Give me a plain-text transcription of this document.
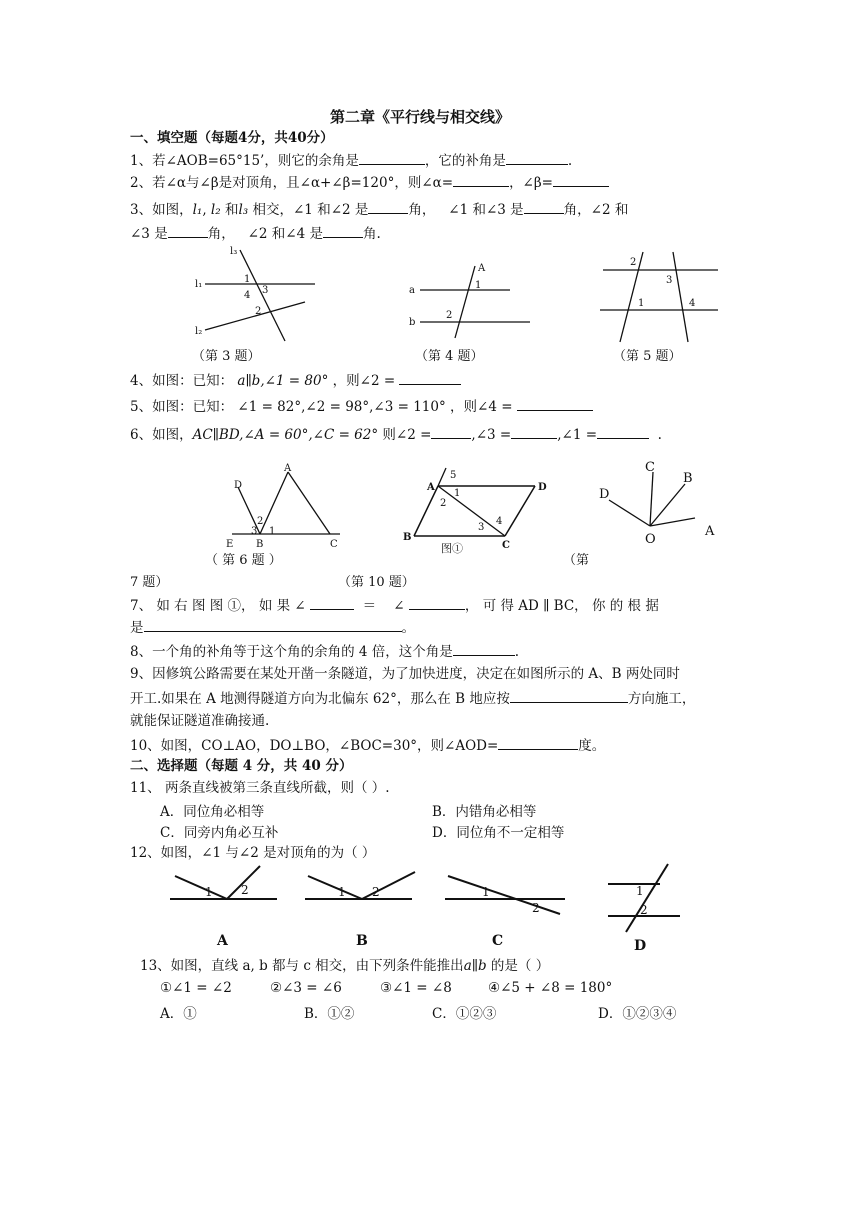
第二章《平行线与相交线》
一、填空题（每题4分，共40分）
1、若∠AOB=65°15’，则它的余角是	，它的补角是	.
2、若∠α与∠β是对顶角，且∠α+∠β=120°，则∠α=	，∠β=
3、如图，l₁, l₂ 和l₃ 相交，∠1 和∠2 是	角， ∠1 和∠3 是	角，∠2 和
∠3 是	角， ∠2 和∠4 是	角.
l₃
l₁
l₂
1
4 3
2
（第 3 题）
a
b
A
1
2
（第 4 题）
2
3
1	4
（第 5 题）
4、如图：已知： a∥b,∠1 = 80° ，则∠2 =
5、如图：已知： ∠1 = 82°,∠2 = 98°,∠3 = 110° ，则∠4 =
6、如图，AC∥BD,∠A = 60°,∠C = 62° 则∠2 =	,∠3 =	,∠1 =	.
D
A
3
2
1
E B	C
（ 第 6 题 ）
A	D
B
C
5
1
2
3
4
图①
C
B
D
A
O
（第
7 题）	（第 10 题）
7、 如 右 图 图 ①， 如 果 ∠	＝ ∠	， 可 得 AD ∥ BC， 你 的 根 据
是	。
8、一个角的补角等于这个角的余角的 4 倍，这个角是	.
9、因修筑公路需要在某处开凿一条隧道，为了加快进度，决定在如图所示的 A、B 两处同时
开工.如果在 A 地测得隧道方向为北偏东 62°，那么在 B 地应按	方向施工，
就能保证隧道准确接通.
10、如图，CO⊥AO，DO⊥BO，∠BOC=30°，则∠AOD=	度。
二、选择题（每题 4 分，共 40 分）
11、 两条直线被第三条直线所截，则（ ）.
A．同位角必相等	B．内错角必相等
C．同旁内角必互补	D．同位角不一定相等
12、如图，∠1 与∠2 是对顶角的为（ ）
1 2
A
1 2
B
1
2
C
1
2
D
13、如图，直线 a, b 都与 c 相交，由下列条件能推出a∥b 的是（ ）
①∠1 = ∠2	②∠3 = ∠6	③∠1 = ∠8	④∠5 + ∠8 = 180°
A．①	B．①②	C．①②③	D．①②③④
